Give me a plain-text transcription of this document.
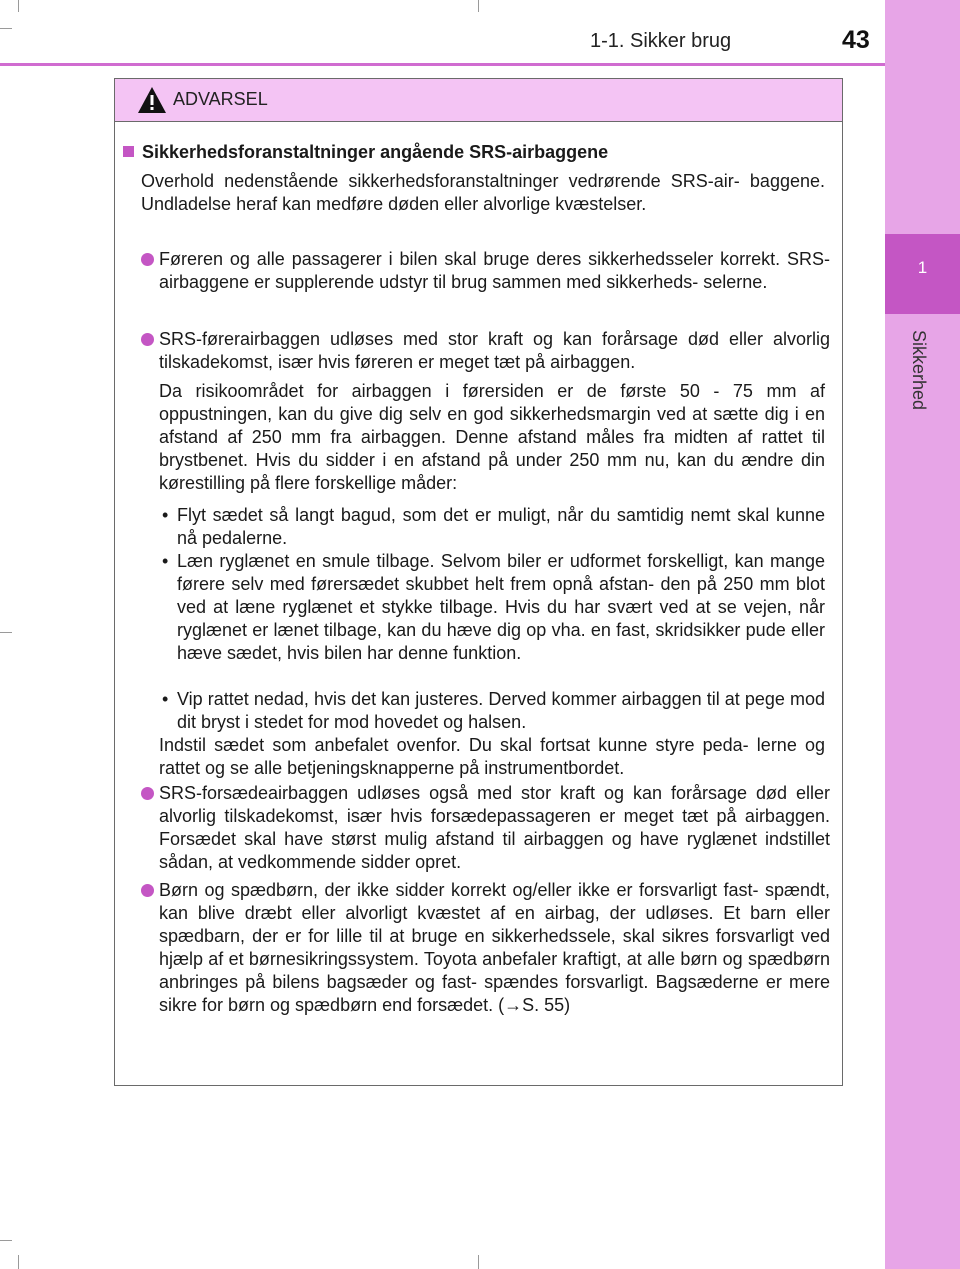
1
Sikkerhed
1-1. Sikker brug	43
ADVARSEL
Sikkerhedsforanstaltninger angående SRS-airbaggene
Overhold nedenstående sikkerhedsforanstaltninger vedrørende SRS-air- baggene. Undladelse heraf kan medføre døden eller alvorlige kvæstelser.
Føreren og alle passagerer i bilen skal bruge deres sikkerhedsseler korrekt. SRS-airbaggene er supplerende udstyr til brug sammen med sikkerheds- selerne.
SRS-førerairbaggen udløses med stor kraft og kan forårsage død eller alvorlig tilskadekomst, især hvis føreren er meget tæt på airbaggen.
Da risikoområdet for airbaggen i førersiden er de første 50 - 75 mm af oppustningen, kan du give dig selv en god sikkerhedsmargin ved at sætte dig i en afstand af 250 mm fra airbaggen. Denne afstand måles fra midten af rattet til brystbenet. Hvis du sidder i en afstand på under 250 mm nu, kan du ændre din kørestilling på flere forskellige måder:
• Flyt sædet så langt bagud, som det er muligt, når du samtidig nemt skal kunne nå pedalerne.
• Læn ryglænet en smule tilbage. Selvom biler er udformet forskelligt, kan mange førere selv med førersædet skubbet helt frem opnå afstan- den på 250 mm blot ved at læne ryglænet et stykke tilbage. Hvis du har svært ved at se vejen, når ryglænet er lænet tilbage, kan du hæve dig op vha. en fast, skridsikker pude eller hæve sædet, hvis bilen har denne funktion.
• Vip rattet nedad, hvis det kan justeres. Derved kommer airbaggen til at pege mod dit bryst i stedet for mod hovedet og halsen.
Indstil sædet som anbefalet ovenfor. Du skal fortsat kunne styre peda- lerne og rattet og se alle betjeningsknapperne på instrumentbordet.
SRS-forsædeairbaggen udløses også med stor kraft og kan forårsage død eller alvorlig tilskadekomst, især hvis forsædepassageren er meget tæt på airbaggen. Forsædet skal have størst mulig afstand til airbaggen og have ryglænet indstillet sådan, at vedkommende sidder opret.
Børn og spædbørn, der ikke sidder korrekt og/eller ikke er forsvarligt fast- spændt, kan blive dræbt eller alvorligt kvæstet af en airbag, der udløses. Et barn eller spædbarn, der er for lille til at bruge en sikkerhedssele, skal sikres forsvarligt ved hjælp af et børnesikringssystem. Toyota anbefaler kraftigt, at alle børn og spædbørn anbringes på bilens bagsæder og fast- spændes forsvarligt. Bagsæderne er mere sikre for børn og spædbørn end forsædet. (→S. 55)
